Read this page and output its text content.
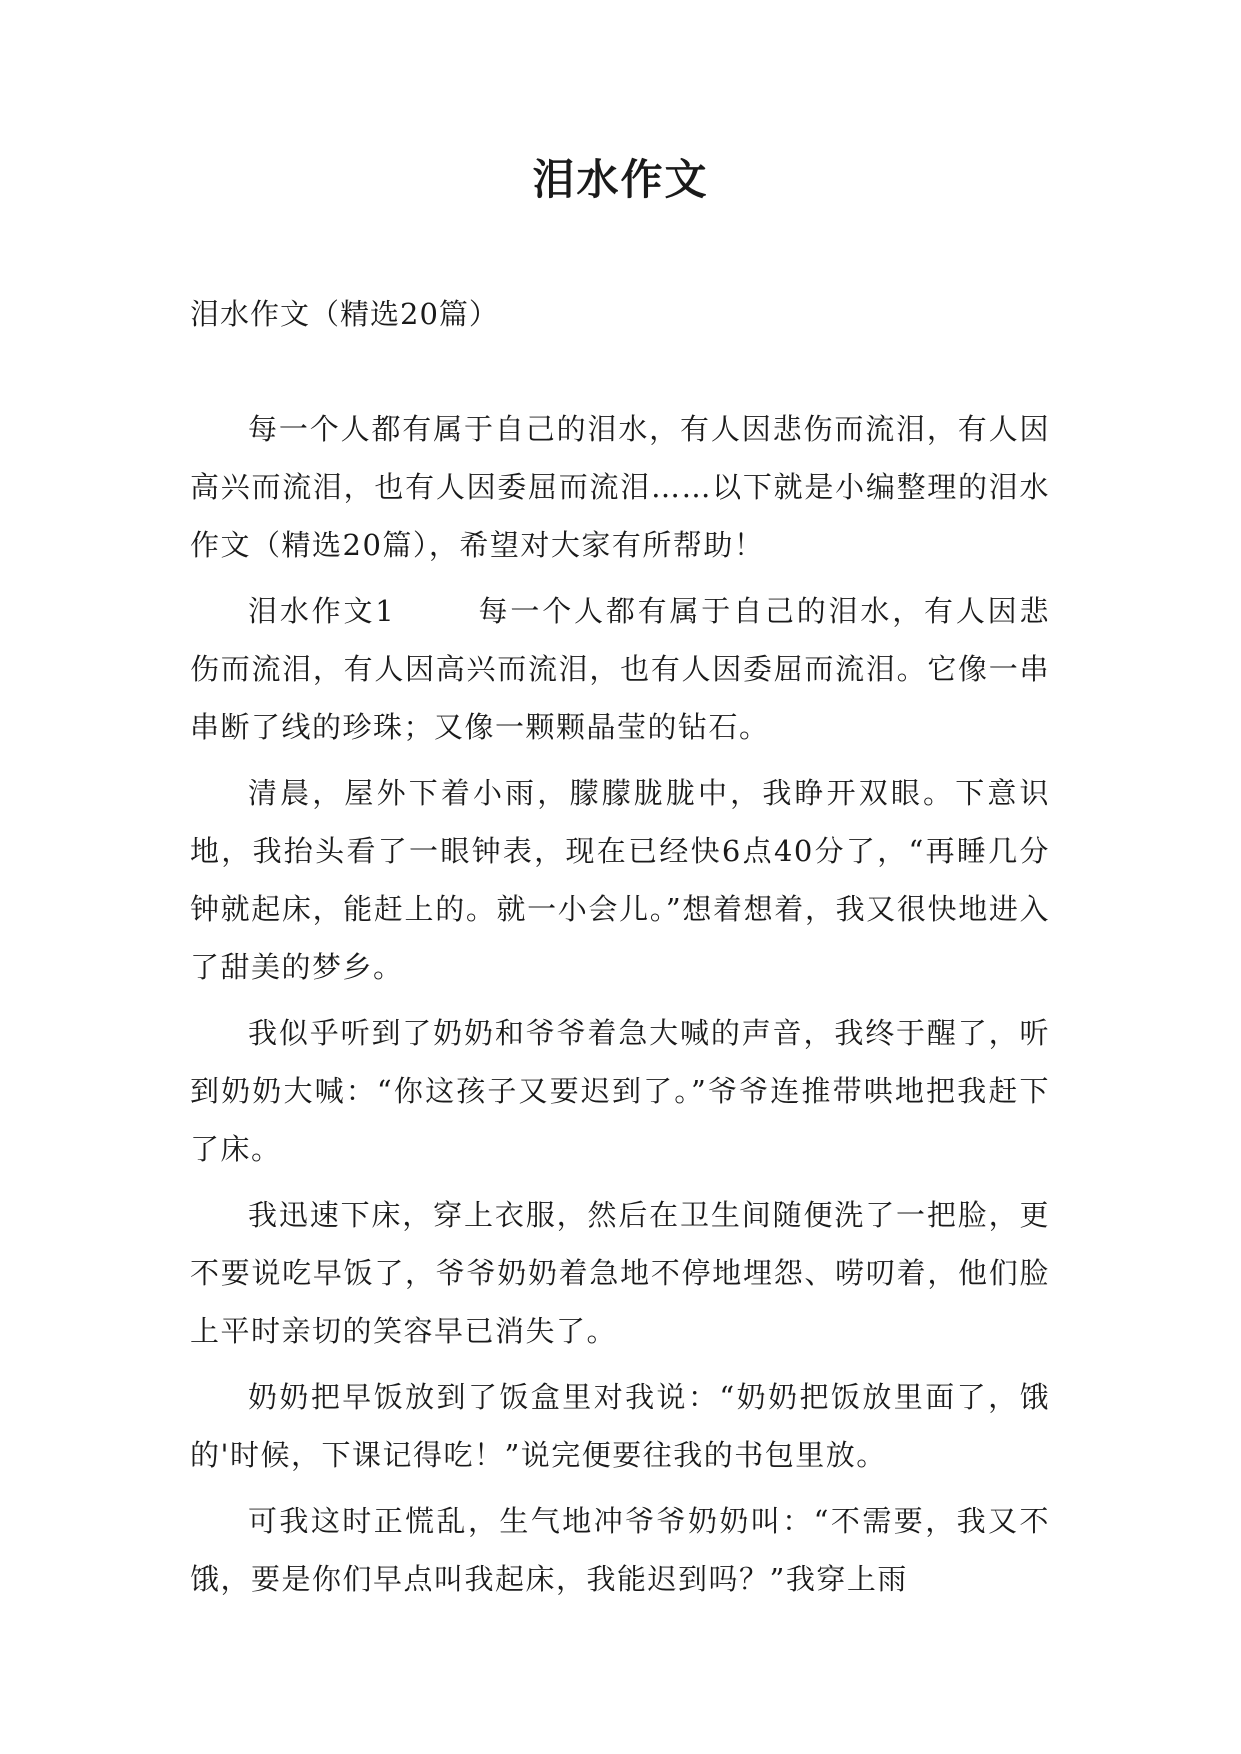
泪水作文
泪水作文（精选20篇）

每一个人都有属于自己的泪水，有人因悲伤而流泪，有人因高兴而流泪，也有人因委屈而流泪……以下就是小编整理的泪水作文（精选20篇），希望对大家有所帮助！

泪水作文1	每一个人都有属于自己的泪水，有人因悲伤而流泪，有人因高兴而流泪，也有人因委屈而流泪。它像一串串断了线的珍珠；又像一颗颗晶莹的钻石。

清晨，屋外下着小雨，朦朦胧胧中，我睁开双眼。下意识地，我抬头看了一眼钟表，现在已经快6点40分了，“再睡几分钟就起床，能赶上的。就一小会儿。”想着想着，我又很快地进入了甜美的梦乡。

我似乎听到了奶奶和爷爷着急大喊的声音，我终于醒了，听到奶奶大喊：“你这孩子又要迟到了。”爷爷连推带哄地把我赶下了床。

我迅速下床，穿上衣服，然后在卫生间随便洗了一把脸，更不要说吃早饭了，爷爷奶奶着急地不停地埋怨、唠叨着，他们脸上平时亲切的笑容早已消失了。

奶奶把早饭放到了饭盒里对我说：“奶奶把饭放里面了，饿的'时候，下课记得吃！”说完便要往我的书包里放。

可我这时正慌乱，生气地冲爷爷奶奶叫：“不需要，我又不饿，要是你们早点叫我起床，我能迟到吗？”我穿上雨
